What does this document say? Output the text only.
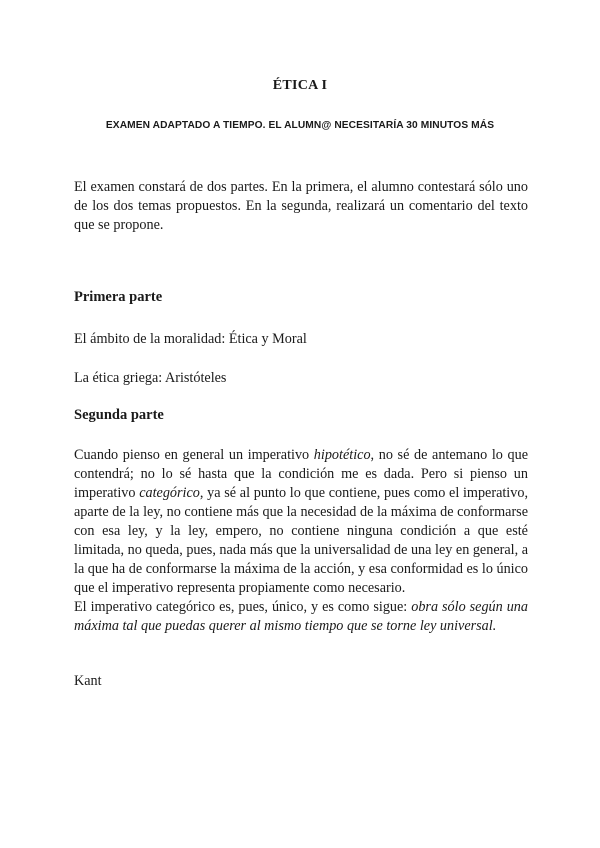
ÉTICA I
EXAMEN ADAPTADO A TIEMPO. EL ALUMN@ NECESITARÍA 30 MINUTOS MÁS

El examen constará de dos partes. En la primera, el alumno contestará sólo uno de los dos temas propuestos. En la segunda, realizará un comentario del texto que se propone.

Primera parte

El ámbito de la moralidad: Ética y Moral

La ética griega: Aristóteles

Segunda parte

Cuando pienso en general un imperativo hipotético, no sé de antemano lo que contendrá; no lo sé hasta que la condición me es dada. Pero si pienso un imperativo categórico, ya sé al punto lo que contiene, pues como el imperativo, aparte de la ley, no contiene más que la necesidad de la máxima de conformarse con esa ley, y la ley, empero, no contiene ninguna condición a que esté limitada, no queda, pues, nada más que la universalidad de una ley en general, a la que ha de conformarse la máxima de la acción, y esa conformidad es lo único que el imperativo representa propiamente como necesario.

El imperativo categórico es, pues, único, y es como sigue: obra sólo según una máxima tal que puedas querer al mismo tiempo que se torne ley universal.

Kant
